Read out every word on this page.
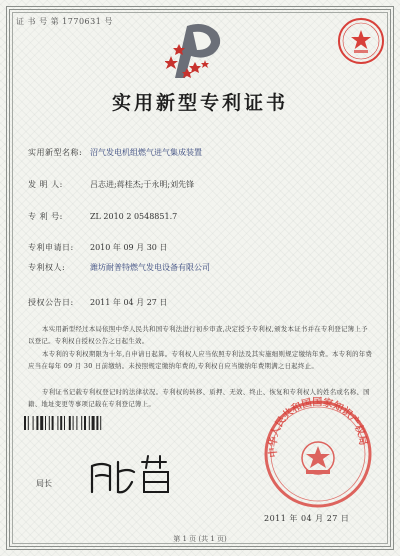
证 书 号 第 1770631 号
实用新型专利证书
实用新型名称: 沼气发电机组燃气进气集成装置
发 明 人:	吕志进;蒋桂杰;于永明;刘先锋
专 利 号:	ZL 2010 2 0548851.7
专利申请日: 2010 年 09 月 30 日
专利权人:	潍坊耐普特燃气发电设备有限公司
授权公告日: 2011 年 04 月 27 日
本实用新型经过本局依照中华人民共和国专利法进行初步审查,决定授予专利权,颁发本证书并在专利登记簿上予以登记。专利权自授权公告之日起生效。
本专利的专利权期限为十年,自申请日起算。专利权人应当依照专利法及其实施细则规定缴纳年费。本专利的年费应当在每年 09 月 30 日前缴纳。未按照规定缴纳年费的,专利权自应当缴纳年费期满之日起终止。
专利证书记载专利权登记时的法律状况。专利权的转移、质押、无效、终止、恢复和专利权人的姓名或名称、国籍、地址变更等事项记载在专利登记簿上。
局长
中华人民共和国国家知识产权局
2011 年 04 月 27 日
第 1 页 (共 1 页)
